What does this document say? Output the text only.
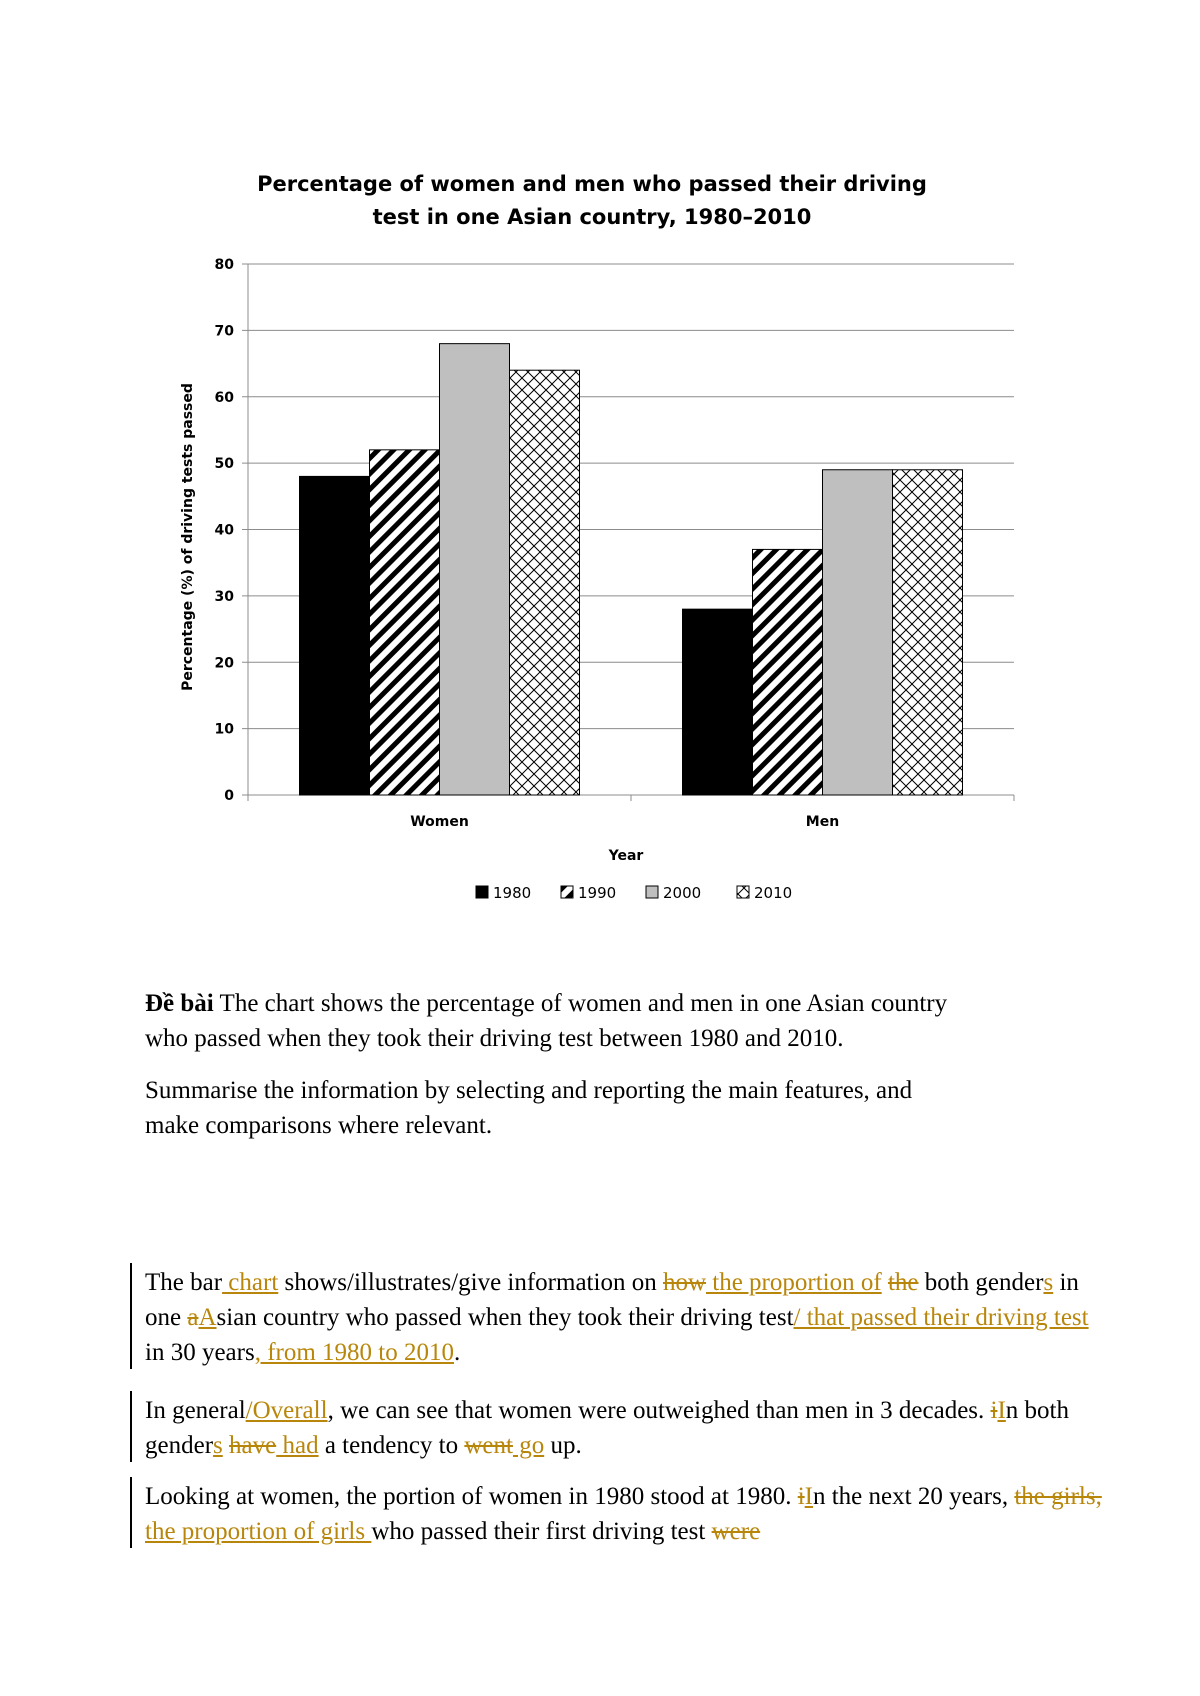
Percentage of women and men who passed their driving
test in one Asian country, 1980–2010
0
10
20
30
40
50
60
70
80
Women	Men
Percentage (%) of driving tests passed
Year
1980	1990	2000	2010

Đề bài The chart shows the percentage of women and men in one Asian country

who passed when they took their driving test between 1980 and 2010.

Summarise the information by selecting and reporting the main features, and

make comparisons where relevant.

The bar chart shows/illustrates/give information on how the proportion of the both genders in one aAsian country who passed when they took their driving test/ that passed their driving test in 30 years, from 1980 to 2010.
In general/Overall, we can see that women were outweighed than men in 3 decades. iIn both genders have had a tendency to went go up.
Looking at women, the portion of women in 1980 stood at 1980. iIn the next 20 years, the girls, the proportion of girls who passed their first driving test were
